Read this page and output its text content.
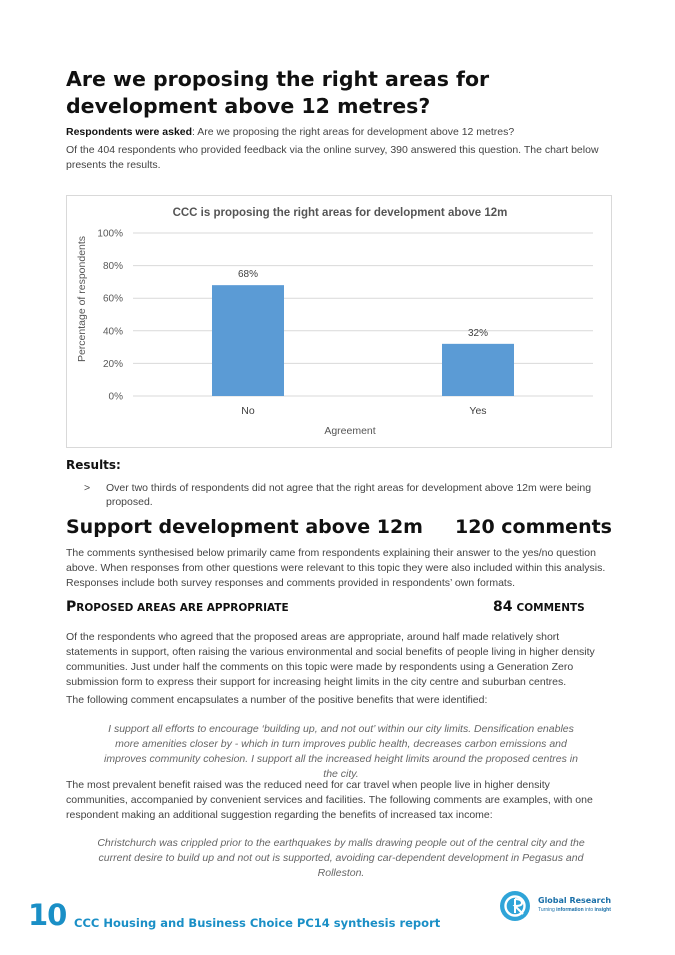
Are we proposing the right areas for
development above 12 metres?
Respondents were asked: Are we proposing the right areas for development above 12 metres?
Of the 404 respondents who provided feedback via the online survey, 390 answered this question. The chart below presents the results.
CCC is proposing the right areas for development above 12m
Percentage of respondents
Agreement
0%
20%
40%
60%
80%
100%
68%
No
32%
Yes
Results:
> Over two thirds of respondents did not agree that the right areas for development above 12m were being proposed.
Support development above 12m 120 comments
The comments synthesised below primarily came from respondents explaining their answer to the yes/no question above. When responses from other questions were relevant to this topic they were also included within this analysis. Responses include both survey responses and comments provided in respondents’ own formats.
PROPOSED AREAS ARE APPROPRIATE	84 COMMENTS
Of the respondents who agreed that the proposed areas are appropriate, around half made relatively short statements in support, often raising the various environmental and social benefits of people living in higher density communities. Just under half the comments on this topic were made by respondents using a Generation Zero submission form to express their support for increasing height limits in the city centre and suburban centres.
The following comment encapsulates a number of the positive benefits that were identified:
I support all efforts to encourage ‘building up, and not out’ within our city limits. Densification enables more amenities closer by - which in turn improves public health, decreases carbon emissions and improves community cohesion. I support all the increased height limits around the proposed centres in the city.
The most prevalent benefit raised was the reduced need for car travel when people live in higher density communities, accompanied by convenient services and facilities. The following comments are examples, with one respondent making an additional suggestion regarding the benefits of increased tax income:
Christchurch was crippled prior to the earthquakes by malls drawing people out of the central city and the current desire to build up and not out is supported, avoiding car-dependent development in Pegasus and Rolleston.
10 CCC Housing and Business Choice PC14 synthesis report
Global Research
Turning information into insight
